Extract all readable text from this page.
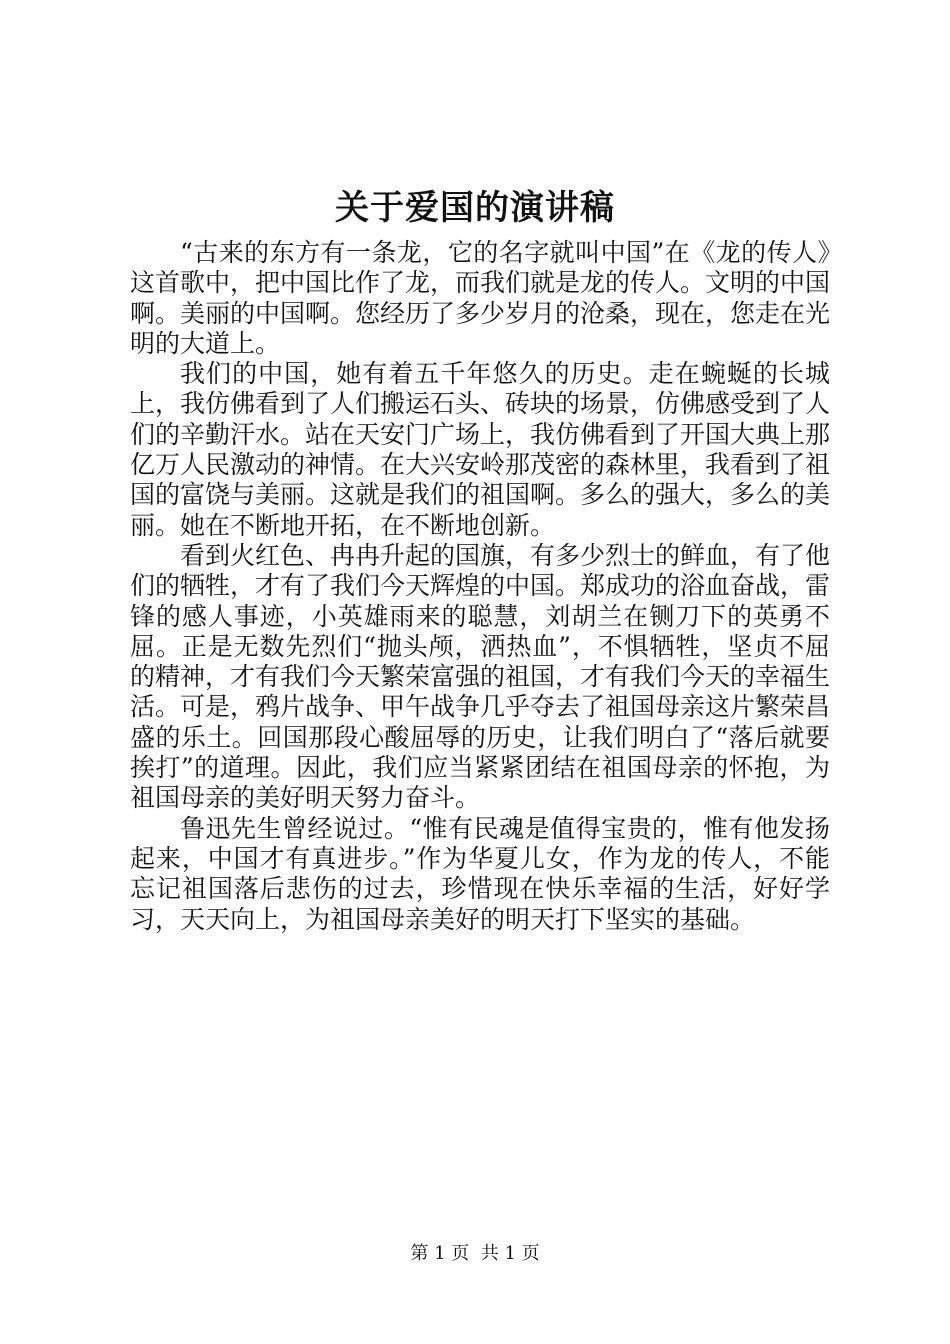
关于爱国的演讲稿

“古来的东方有一条龙，它的名字就叫中国”在《龙的传人》这首歌中，把中国比作了龙，而我们就是龙的传人。文明的中国啊。美丽的中国啊。您经历了多少岁月的沧桑，现在，您走在光明的大道上。

我们的中国，她有着五千年悠久的历史。走在蜿蜒的长城上，我仿佛看到了人们搬运石头、砖块的场景，仿佛感受到了人们的辛勤汗水。站在天安门广场上，我仿佛看到了开国大典上那亿万人民激动的神情。在大兴安岭那茂密的森林里，我看到了祖国的富饶与美丽。这就是我们的祖国啊。多么的强大，多么的美丽。她在不断地开拓，在不断地创新。

看到火红色、冉冉升起的国旗，有多少烈士的鲜血，有了他们的牺牲，才有了我们今天辉煌的中国。郑成功的浴血奋战，雷锋的感人事迹，小英雄雨来的聪慧，刘胡兰在铡刀下的英勇不屈。正是无数先烈们“抛头颅，洒热血”，不惧牺牲，坚贞不屈的精神，才有我们今天繁荣富强的祖国，才有我们今天的幸福生活。可是，鸦片战争、甲午战争几乎夺去了祖国母亲这片繁荣昌盛的乐土。回国那段心酸屈辱的历史，让我们明白了“落后就要挨打”的道理。因此，我们应当紧紧团结在祖国母亲的怀抱，为祖国母亲的美好明天努力奋斗。

鲁迅先生曾经说过。“惟有民魂是值得宝贵的，惟有他发扬起来，中国才有真进步。”作为华夏儿女，作为龙的传人，不能忘记祖国落后悲伤的过去，珍惜现在快乐幸福的生活，好好学习，天天向上，为祖国母亲美好的明天打下坚实的基础。

第 1 页 共 1 页
